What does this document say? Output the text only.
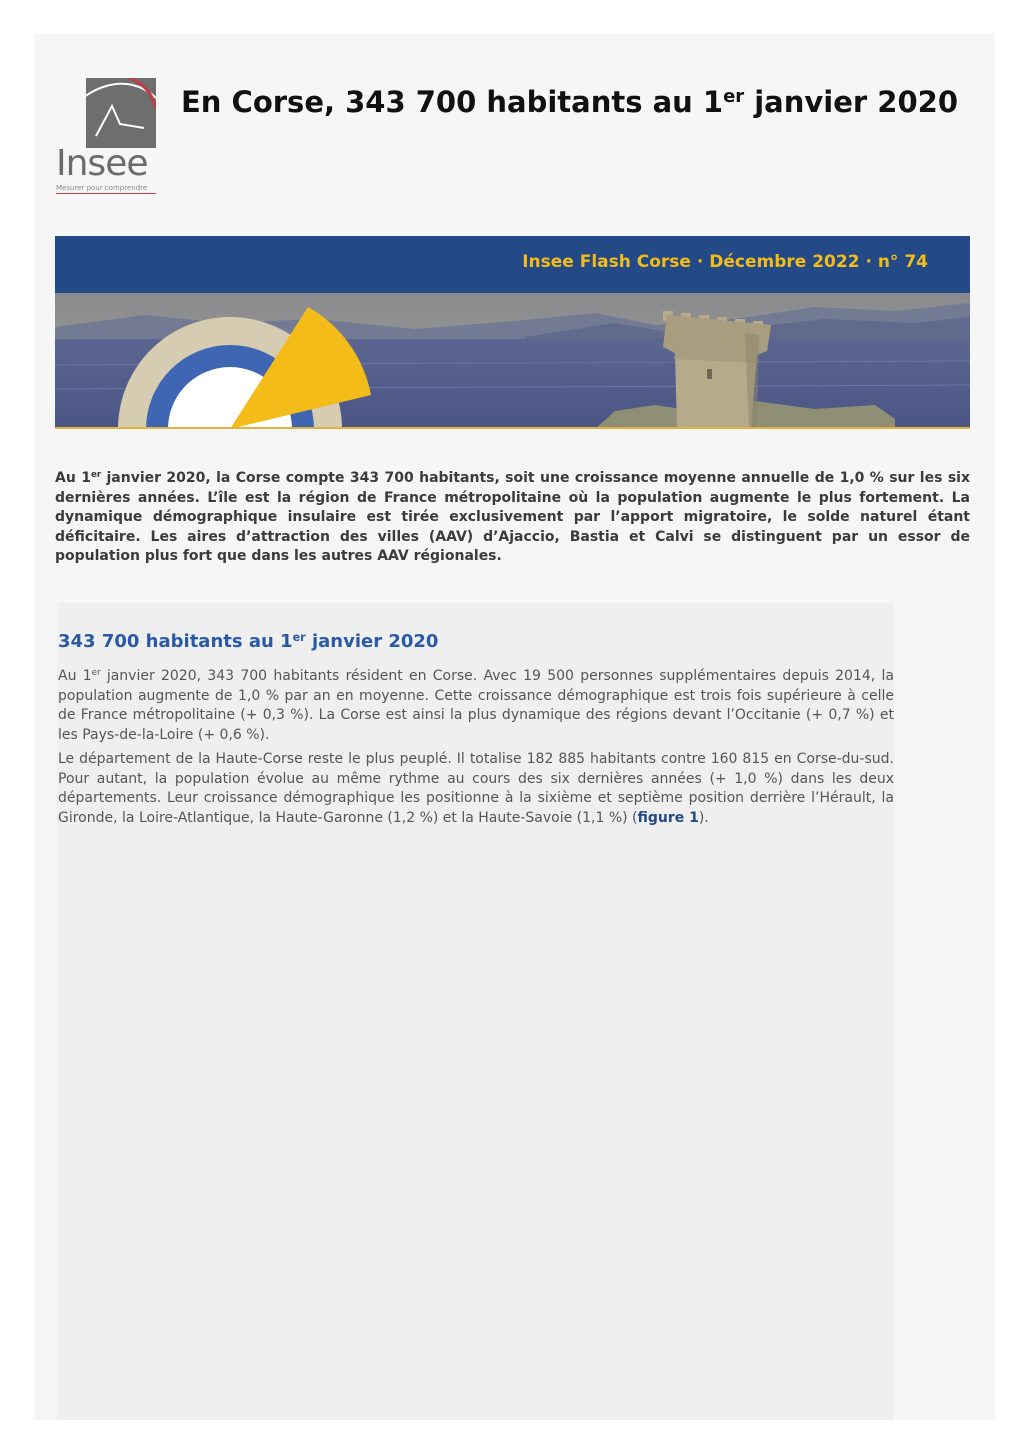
Insee
Mesurer pour comprendre
En Corse, 343 700 habitants au 1er janvier 2020
Insee Flash Corse · Décembre 2022 · n° 74

Au 1er janvier 2020, la Corse compte 343 700 habitants, soit une croissance moyenne annuelle de 1,0 % sur les six dernières années. L’île est la région de France métropolitaine où la population augmente le plus fortement. La dynamique démographique insulaire est tirée exclusivement par l’apport migratoire, le solde naturel étant déficitaire. Les aires d’attraction des villes (AAV) d’Ajaccio, Bastia et Calvi se distinguent par un essor de population plus fort que dans les autres AAV régionales.

343 700 habitants au 1er janvier 2020

Au 1er janvier 2020, 343 700 habitants résident en Corse. Avec 19 500 personnes supplémentaires depuis 2014, la population augmente de 1,0 % par an en moyenne. Cette croissance démographique est trois fois supérieure à celle de France métropolitaine (+ 0,3 %). La Corse est ainsi la plus dynamique des régions devant l’Occitanie (+ 0,7 %) et les Pays-de-la-Loire (+ 0,6 %).

Le département de la Haute-Corse reste le plus peuplé. Il totalise 182 885 habitants contre 160 815 en Corse-du-sud. Pour autant, la population évolue au même rythme au cours des six dernières années (+ 1,0 %) dans les deux départements. Leur croissance démographique les positionne à la sixième et septième position derrière l’Hérault, la Gironde, la Loire-Atlantique, la Haute-Garonne (1,2 %) et la Haute-Savoie (1,1 %) (figure 1).
